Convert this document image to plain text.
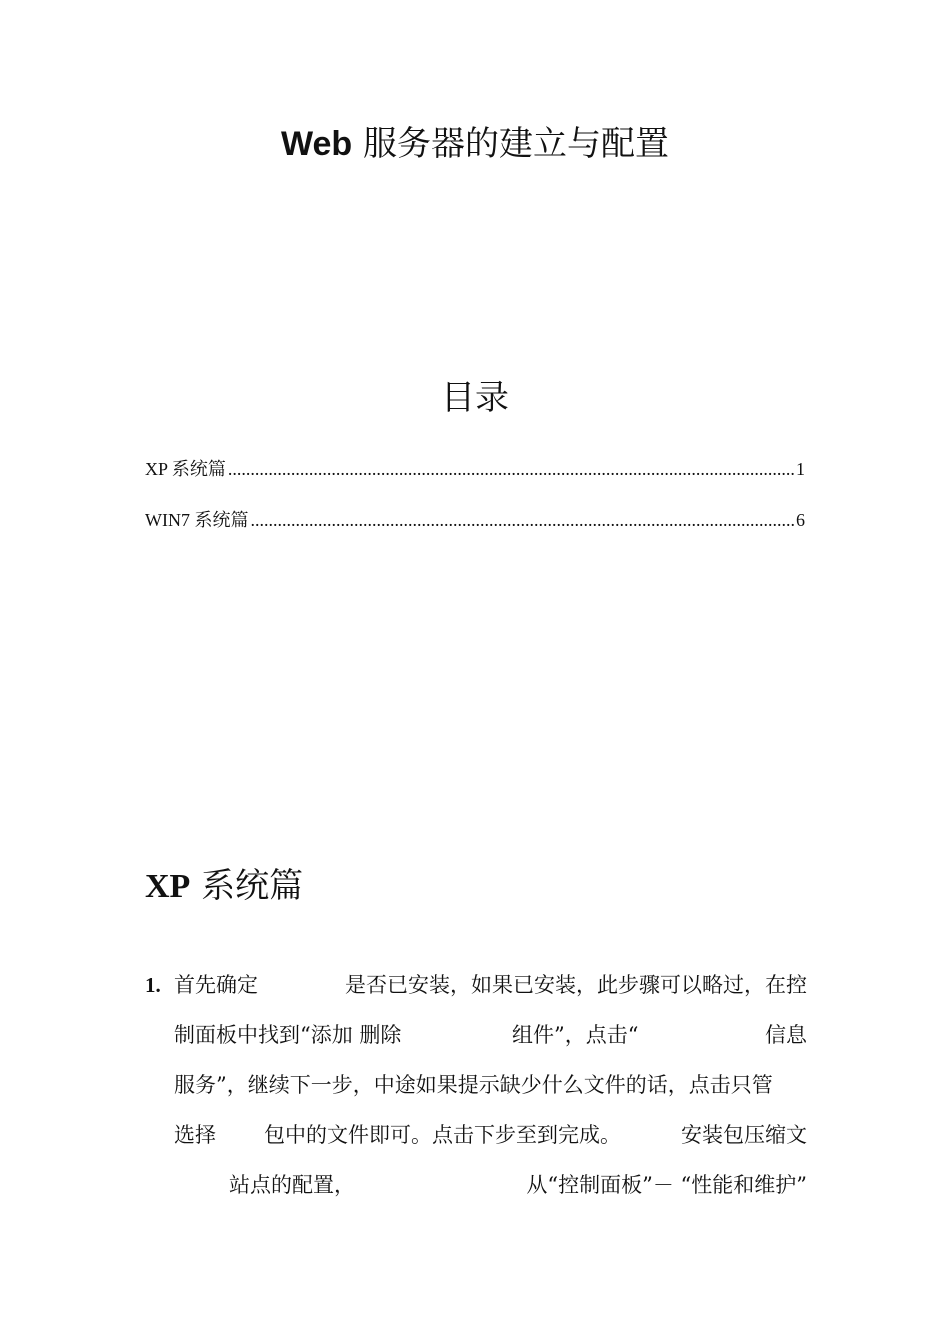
Web 服务器的建立与配置
目录
XP 系统篇 .....	1
WIN7 系统篇 .....	6
XP 系统篇
1. 首先确定	是否已安装，如果已安装，此步骤可以略过，在控
制面板中找到“添加 删除	组件”，点击“	信息
服务”，继续下一步，中途如果提示缺少什么文件的话，点击只管
选择 包中的文件即可。点击下步至到完成。	安装包压缩文
站点的配置，	从“控制面板”－ “性能和维护”
